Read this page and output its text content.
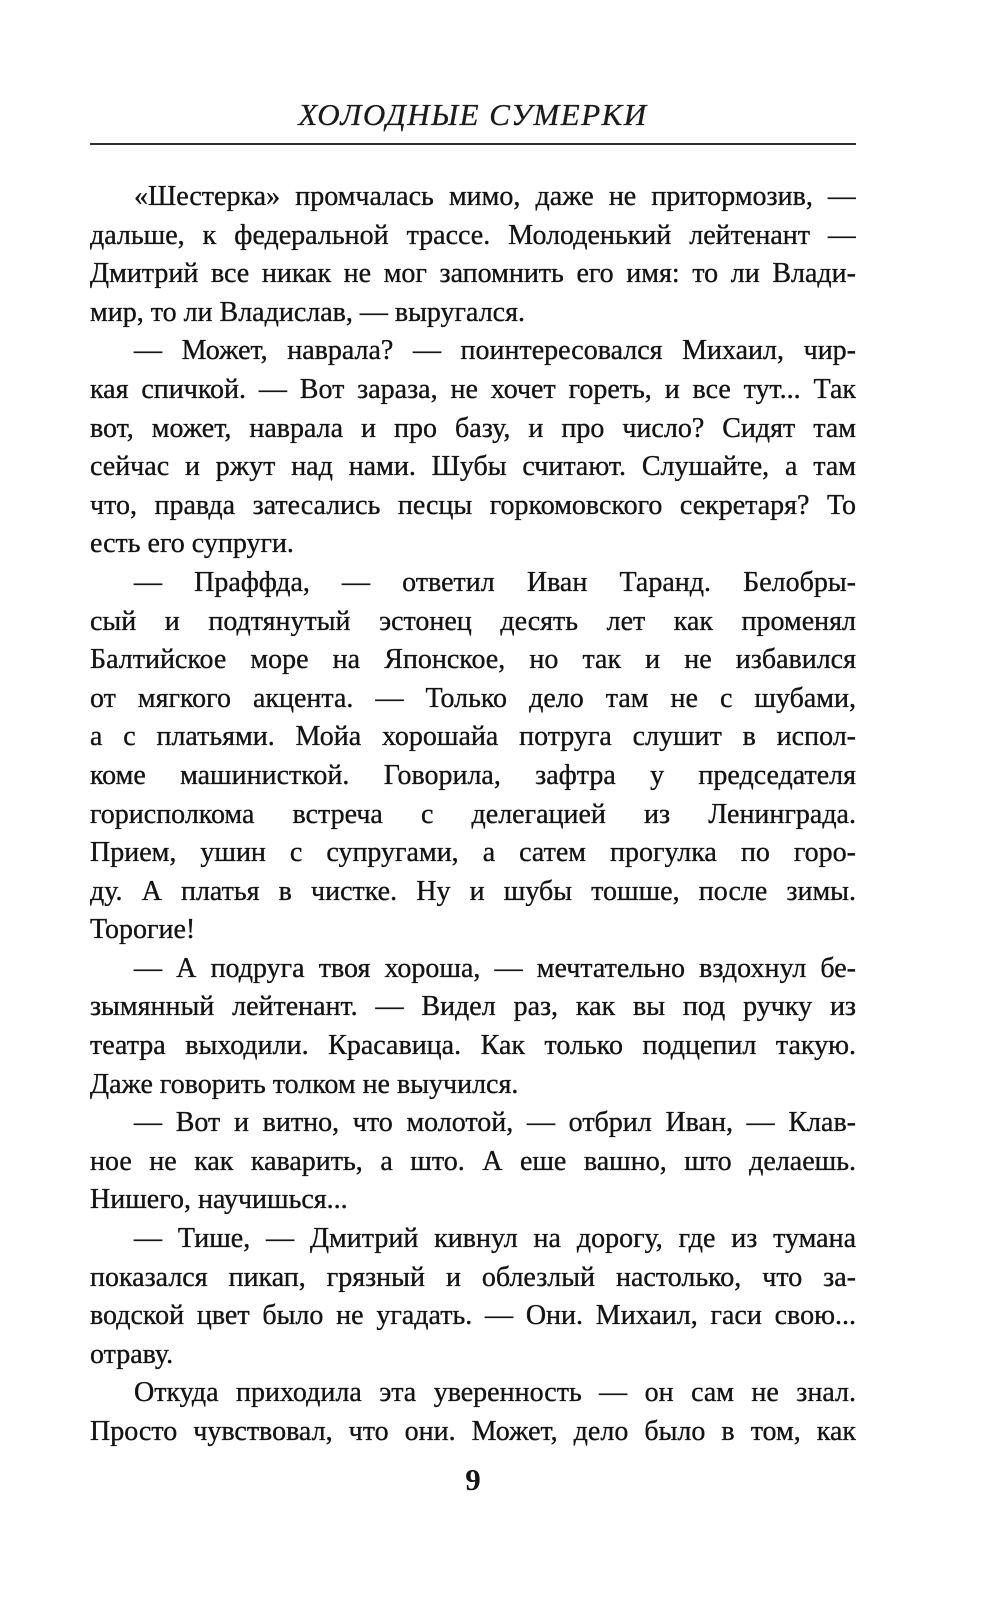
ХОЛОДНЫЕ СУМЕРКИ
«Шестерка» промчалась мимо, даже не притормозив, —
дальше, к федеральной трассе. Молоденький лейтенант —
Дмитрий все никак не мог запомнить его имя: то ли Влади-
мир, то ли Владислав, — выругался.
— Может, наврала? — поинтересовался Михаил, чир-
кая спичкой. — Вот зараза, не хочет гореть, и все тут... Так
вот, может, наврала и про базу, и про число? Сидят там
сейчас и ржут над нами. Шубы считают. Слушайте, а там
что, правда затесались песцы горкомовского секретаря? То
есть его супруги.
— Праффда, — ответил Иван Таранд. Белобры-
сый и подтянутый эстонец десять лет как променял
Балтийское море на Японское, но так и не избавился
от мягкого акцента. — Только дело там не с шубами,
а с платьями. Мойа хорошайа потруга слушит в испол-
коме машинисткой. Говорила, зафтра у председателя
горисполкома встреча с делегацией из Ленинграда.
Прием, ушин с супругами, а сатем прогулка по горо-
ду. А платья в чистке. Ну и шубы тошше, после зимы.
Торогие!
— А подруга твоя хороша, — мечтательно вздохнул бе-
зымянный лейтенант. — Видел раз, как вы под ручку из
театра выходили. Красавица. Как только подцепил такую.
Даже говорить толком не выучился.
— Вот и витно, что молотой, — отбрил Иван, — Клав-
ное не как каварить, а што. А еше вашно, што делаешь.
Нишего, научишься...
— Тише, — Дмитрий кивнул на дорогу, где из тумана
показался пикап, грязный и облезлый настолько, что за-
водской цвет было не угадать. — Они. Михаил, гаси свою...
отраву.
Откуда приходила эта уверенность — он сам не знал.
Просто чувствовал, что они. Может, дело было в том, как
9
